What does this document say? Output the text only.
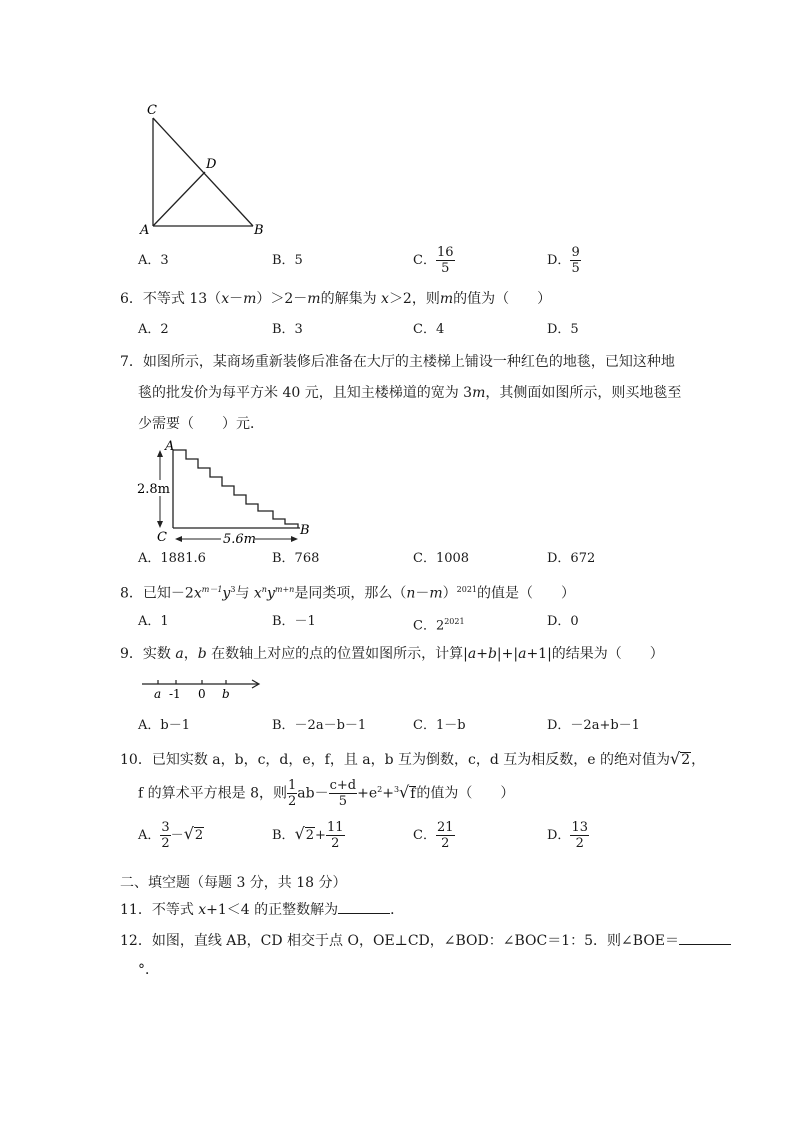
C
D
A	B
A．3	B．5	C． $\frac{16}{5}$	D． $\frac{9}{5}$
6．不等式 13（x－m）＞2－m的解集为 x＞2，则m的值为（　　）
A．2	B．3	C．4	D．5
7．如图所示，某商场重新装修后准备在大厅的主楼梯上铺设一种红色的地毯，已知这种地
毯的批发价为每平方米 40 元，且知主楼梯道的宽为 3m，其侧面如图所示，则买地毯至
少需要（　　）元．
A
C	B
2.8m
5.6m
A．1881.6	B．768	C．1008	D．672
8．已知$-2x^{m-1}y^3$与 $x^ny^{m+n}$是同类项，那么$(n-m)^{2021}$的值是（　　）
A．1	B．－1	C．$2^{2021}$	D．0
9．实数 a，b 在数轴上对应的点的位置如图所示，计算|a+b|+|a+1|的结果为（　　）
a -1 0 b
A．b－1	B．－2a－b－1	C．1－b	D．－2a+b－1
10．已知实数 a，b，c，d，e，f，且 a，b 互为倒数，c，d 互为相反数，e 的绝对值为√2，
f 的算术平方根是 8，则 $\frac{1}{2} ab- \frac{c+d}{5} +e^2+^3√f$的值为（　　）
A． $\frac{3}{2} -√2$	B．$√2+ \frac{11}{2}$	C． $\frac{21}{2}$	D． $\frac{13}{2}$
二、填空题（每题 3 分，共 18 分）
11．不等式 x+1＜4 的正整数解为	．
12．如图，直线 AB，CD 相交于点 O，OE⊥CD，∠BOD：∠BOC＝1：5．则∠BOE＝
°．
